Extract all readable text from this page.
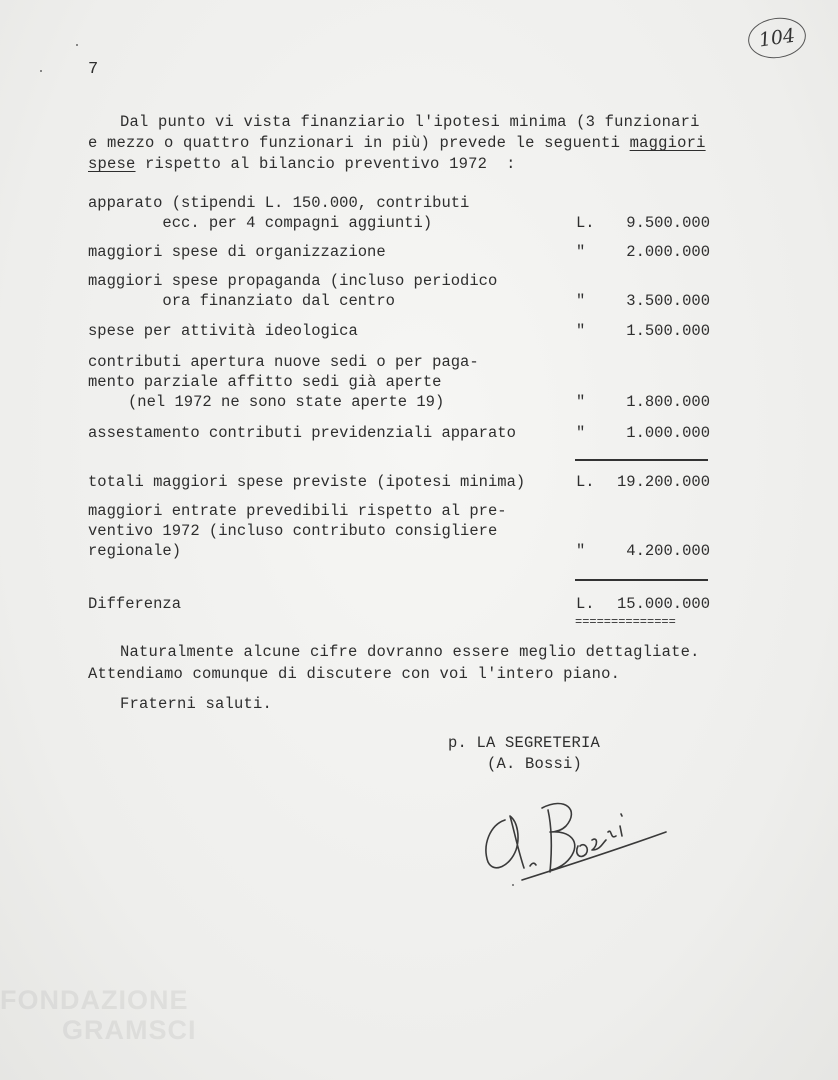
104
7
Dal punto vi vista finanziario l'ipotesi minima (3 funzionari
e mezzo o quattro funzionari in più) prevede le seguenti maggiori
spese rispetto al bilancio preventivo 1972  :
apparato (stipendi L. 150.000, contributi
ecc. per 4 compagni aggiunti)	L. 9.500.000
maggiori spese di organizzazione	"	2.000.000
maggiori spese propaganda (incluso periodico
ora finanziato dal centro	"	3.500.000
spese per attività ideologica	"	1.500.000
contributi apertura nuove sedi o per paga-
mento parziale affitto sedi già aperte
(nel 1972 ne sono state aperte 19)	"	1.800.000
assestamento contributi previdenziali apparato	"	1.000.000
totali maggiori spese previste (ipotesi minima)	L. 19.200.000
maggiori entrate prevedibili rispetto al pre-
ventivo 1972 (incluso contributo consigliere
regionale)	"	4.200.000
Differenza	L. 15.000.000
==============
Naturalmente alcune cifre dovranno essere meglio dettagliate.
Attendiamo comunque di discutere con voi l'intero piano.
Fraterni saluti.
p. LA SEGRETERIA
(A. Bossi)
FONDAZIONE
GRAMSCI
